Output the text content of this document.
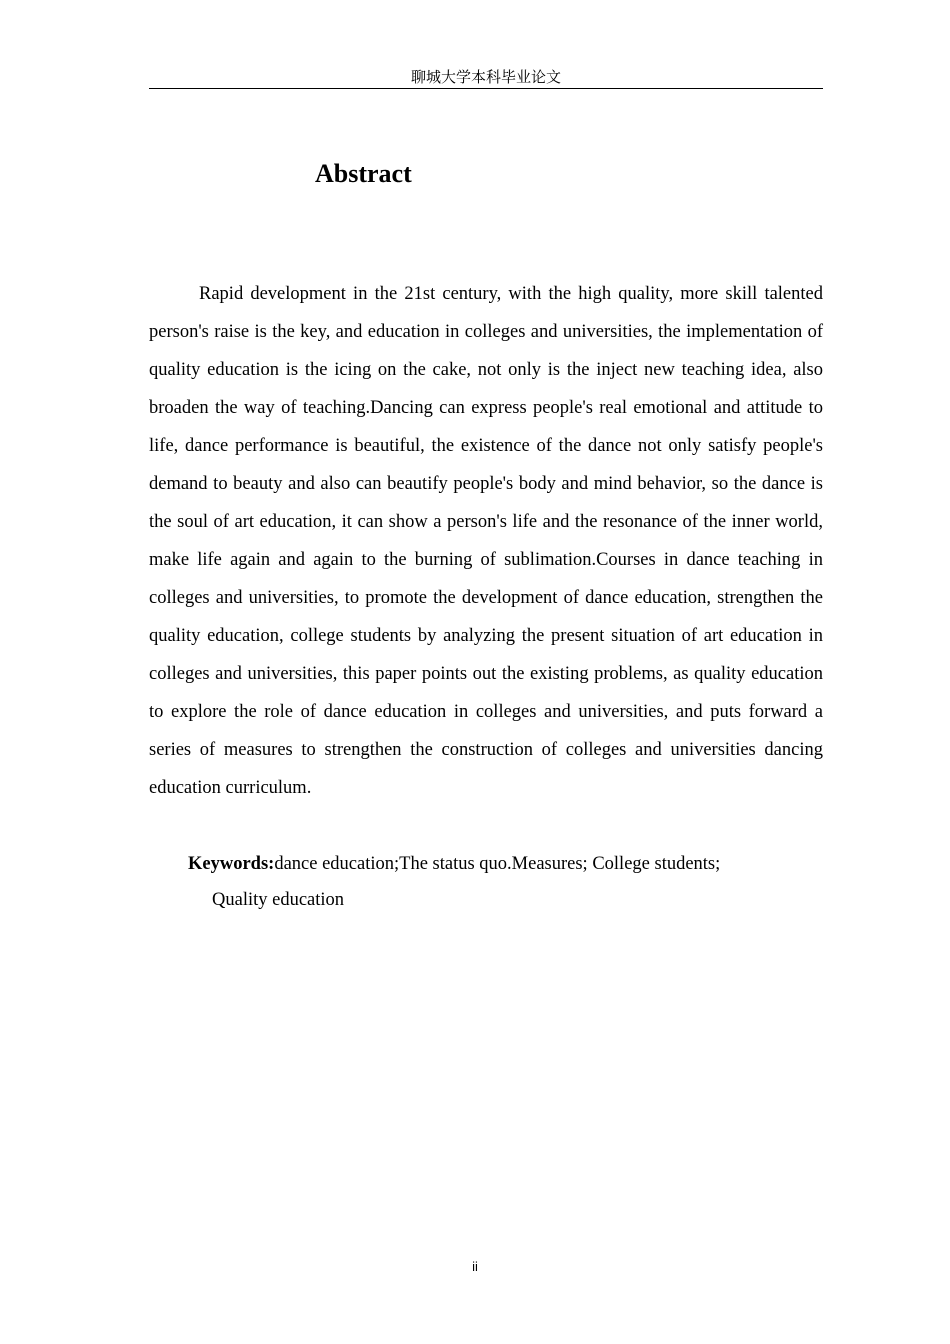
聊城大学本科毕业论文
Abstract

Rapid development in the 21st century, with the high quality, more skill talented person's raise is the key, and education in colleges and universities, the implementation of quality education is the icing on the cake, not only is the inject new teaching idea, also broaden the way of teaching.Dancing can express people's real emotional and attitude to life, dance performance is beautiful, the existence of the dance not only satisfy people's demand to beauty and also can beautify people's body and mind behavior, so the dance is the soul of art education, it can show a person's life and the resonance of the inner world, make life again and again to the burning of sublimation.Courses in dance teaching in colleges and universities, to promote the development of dance education, strengthen the quality education, college students by analyzing the present situation of art education in colleges and universities, this paper points out the existing problems, as quality education to explore the role of dance education in colleges and universities, and puts forward a series of measures to strengthen the construction of colleges and universities dancing education curriculum.

Keywords:dance education;The status quo.Measures; College students;
Quality education
ii
